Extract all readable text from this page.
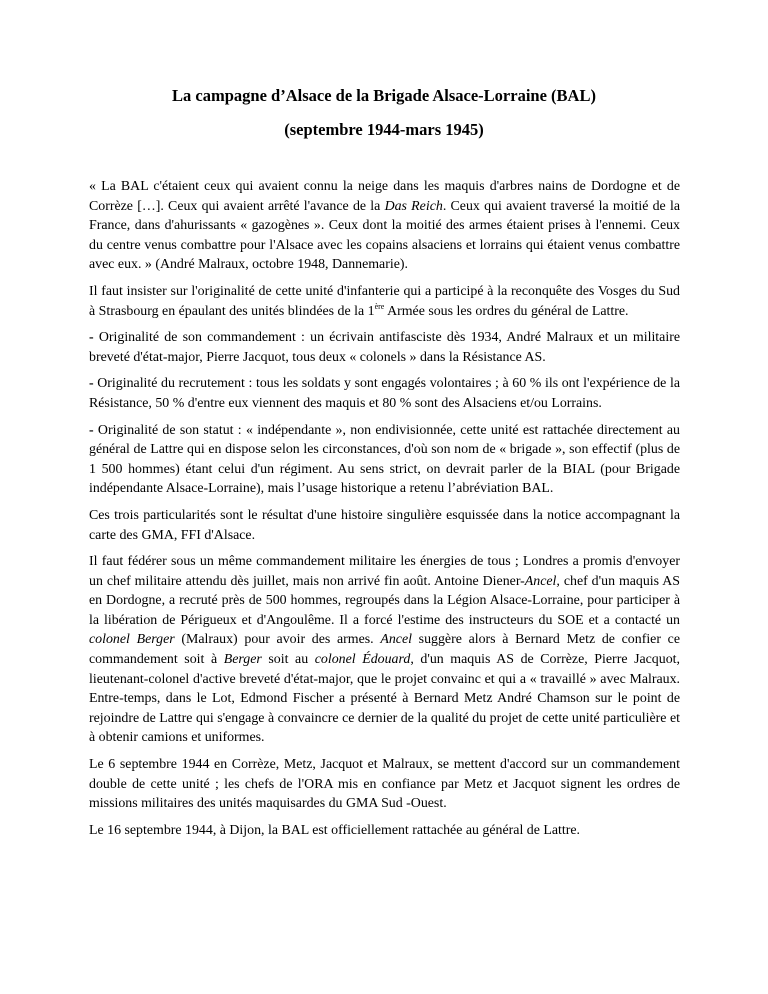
La campagne d’Alsace de la Brigade Alsace-Lorraine (BAL)
(septembre 1944-mars 1945)

« La BAL c'étaient ceux qui avaient connu la neige dans les maquis d'arbres nains de Dordogne et de Corrèze […]. Ceux qui avaient arrêté l'avance de la Das Reich. Ceux qui avaient traversé la moitié de la France, dans d'ahurissants « gazogènes ». Ceux dont la moitié des armes étaient prises à l'ennemi. Ceux du centre venus combattre pour l'Alsace avec les copains alsaciens et lorrains qui étaient venus combattre avec eux. » (André Malraux, octobre 1948, Dannemarie).

Il faut insister sur l'originalité de cette unité d'infanterie qui a participé à la reconquête des Vosges du Sud à Strasbourg en épaulant des unités blindées de la 1ère Armée sous les ordres du général de Lattre.

- Originalité de son commandement : un écrivain antifasciste dès 1934, André Malraux et un militaire breveté d'état-major, Pierre Jacquot, tous deux « colonels » dans la Résistance AS.

- Originalité du recrutement : tous les soldats y sont engagés volontaires ; à 60 % ils ont l'expérience de la Résistance, 50 % d'entre eux viennent des maquis et 80 % sont des Alsaciens et/ou Lorrains.

- Originalité de son statut : « indépendante », non endivisionnée, cette unité est rattachée directement au général de Lattre qui en dispose selon les circonstances, d'où son nom de « brigade », son effectif (plus de 1 500 hommes) étant celui d'un régiment. Au sens strict, on devrait parler de la BIAL (pour Brigade indépendante Alsace-Lorraine), mais l’usage historique a retenu l’abréviation BAL.

Ces trois particularités sont le résultat d'une histoire singulière esquissée dans la notice accompagnant la carte des GMA, FFI d'Alsace.

Il faut fédérer sous un même commandement militaire les énergies de tous ; Londres a promis d'envoyer un chef militaire attendu dès juillet, mais non arrivé fin août. Antoine Diener-Ancel, chef d'un maquis AS en Dordogne, a recruté près de 500 hommes, regroupés dans la Légion Alsace-Lorraine, pour participer à la libération de Périgueux et d'Angoulême. Il a forcé l'estime des instructeurs du SOE et a contacté un colonel Berger (Malraux) pour avoir des armes. Ancel suggère alors à Bernard Metz de confier ce commandement soit à Berger soit au colonel Édouard, d'un maquis AS de Corrèze, Pierre Jacquot, lieutenant-colonel d'active breveté d'état-major, que le projet convainc et qui a « travaillé » avec Malraux. Entre-temps, dans le Lot, Edmond Fischer a présenté à Bernard Metz André Chamson sur le point de rejoindre de Lattre qui s'engage à convaincre ce dernier de la qualité du projet de cette unité particulière et à obtenir camions et uniformes.

Le 6 septembre 1944 en Corrèze, Metz, Jacquot et Malraux, se mettent d'accord sur un commandement double de cette unité ; les chefs de l'ORA mis en confiance par Metz et Jacquot signent les ordres de missions militaires des unités maquisardes du GMA Sud -Ouest.

Le 16 septembre 1944, à Dijon, la BAL est officiellement rattachée au général de Lattre.
